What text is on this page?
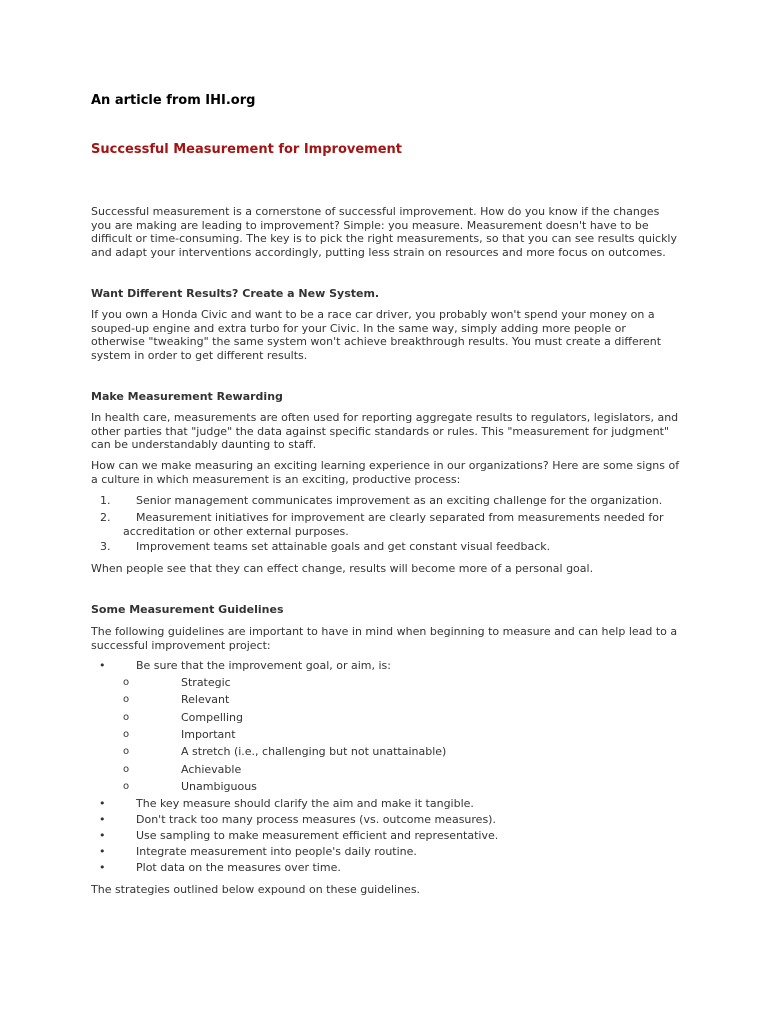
An article from IHI.org
Successful Measurement for Improvement

Successful measurement is a cornerstone of successful improvement. How do you know if the changes you are making are leading to improvement? Simple: you measure. Measurement doesn't have to be difficult or time-consuming. The key is to pick the right measurements, so that you can see results quickly and adapt your interventions accordingly, putting less strain on resources and more focus on outcomes.

Want Different Results? Create a New System.

If you own a Honda Civic and want to be a race car driver, you probably won't spend your money on a souped-up engine and extra turbo for your Civic. In the same way, simply adding more people or otherwise "tweaking" the same system won't achieve breakthrough results. You must create a different system in order to get different results.

Make Measurement Rewarding

In health care, measurements are often used for reporting aggregate results to regulators, legislators, and other parties that "judge" the data against specific standards or rules. This "measurement for judgment" can be understandably daunting to staff.

How can we make measuring an exciting learning experience in our organizations? Here are some signs of a culture in which measurement is an exciting, productive process:

1. Senior management communicates improvement as an exciting challenge for the organization.
2. Measurement initiatives for improvement are clearly separated from measurements needed for
accreditation or other external purposes.
3. Improvement teams set attainable goals and get constant visual feedback.

When people see that they can effect change, results will become more of a personal goal.

Some Measurement Guidelines

The following guidelines are important to have in mind when beginning to measure and can help lead to a successful improvement project:

•	Be sure that the improvement goal, or aim, is:
o	Strategic
o	Relevant
o	Compelling
o	Important
o	A stretch (i.e., challenging but not unattainable)
o	Achievable
o	Unambiguous
•	The key measure should clarify the aim and make it tangible.
•	Don't track too many process measures (vs. outcome measures).
•	Use sampling to make measurement efficient and representative.
•	Integrate measurement into people's daily routine.
•	Plot data on the measures over time.

The strategies outlined below expound on these guidelines.
